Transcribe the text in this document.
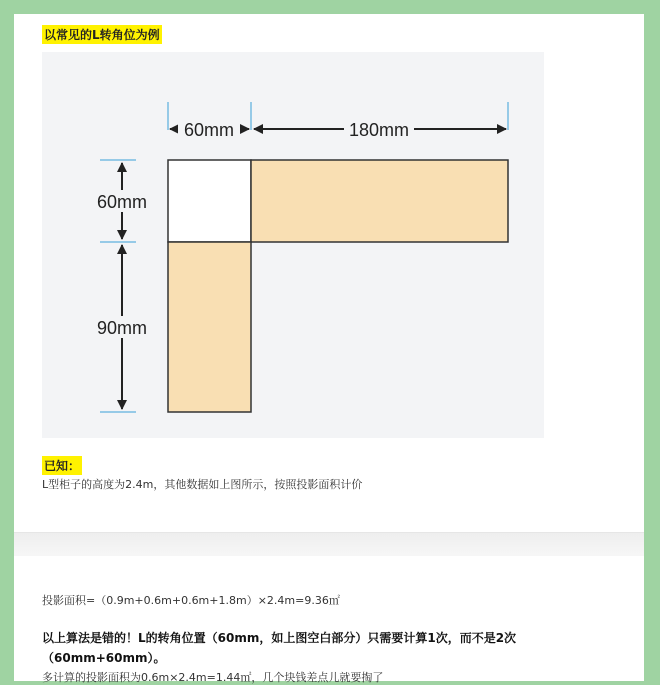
以常见的L转角位为例
60mm	180mm
60mm
90mm
已知：
L型柜子的高度为2.4m，其他数据如上图所示，按照投影面积计价
投影面积=（0.9m+0.6m+0.6m+1.8m）×2.4m=9.36㎡
以上算法是错的！L的转角位置（60mm，如上图空白部分）只需要计算1次，而不是2次（60mm+60mm）。
多计算的投影面积为0.6m×2.4m=1.44㎡，几个块钱差点儿就要掏了
